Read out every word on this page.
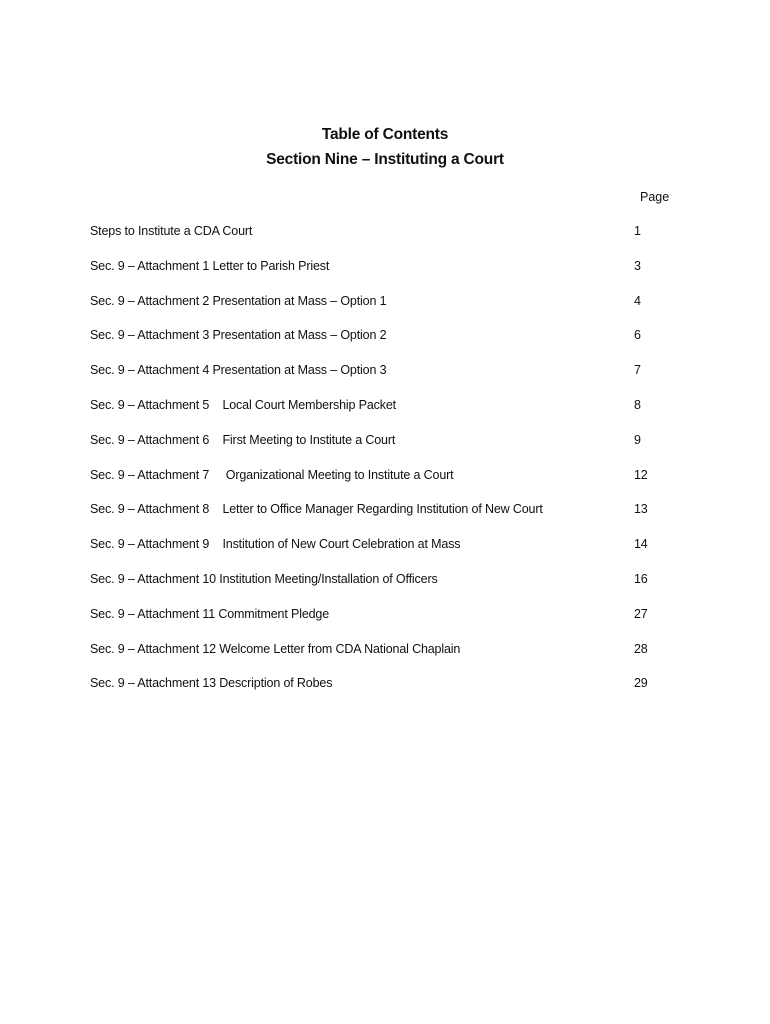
Table of Contents
Section Nine – Instituting a Court
Page
Steps to Institute a CDA Court	1
Sec. 9 – Attachment 1 Letter to Parish Priest	3
Sec. 9 – Attachment 2 Presentation at Mass – Option 1	4
Sec. 9 – Attachment 3 Presentation at Mass – Option 2	6
Sec. 9 – Attachment 4 Presentation at Mass – Option 3	7
Sec. 9 – Attachment 5    Local Court Membership Packet	8
Sec. 9 – Attachment 6    First Meeting to Institute a Court	9
Sec. 9 – Attachment 7     Organizational Meeting to Institute a Court	12
Sec. 9 – Attachment 8    Letter to Office Manager Regarding Institution of New Court	13
Sec. 9 – Attachment 9    Institution of New Court Celebration at Mass	14
Sec. 9 – Attachment 10 Institution Meeting/Installation of Officers	16
Sec. 9 – Attachment 11 Commitment Pledge	27
Sec. 9 – Attachment 12 Welcome Letter from CDA National Chaplain	28
Sec. 9 – Attachment 13 Description of Robes	29
